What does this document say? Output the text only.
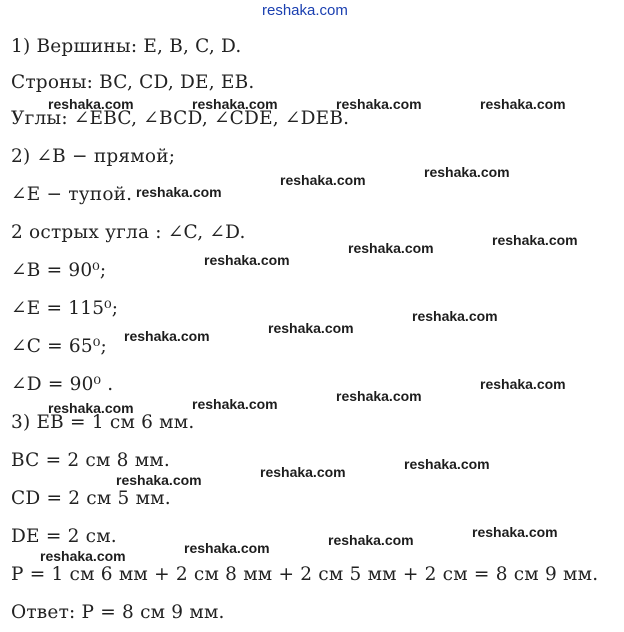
reshaka.com
1) Вершины: E, B, C, D.
Строны: BC, CD, DE, EB.
Углы: ∠EBC, ∠BCD, ∠CDE, ∠DEB.
2) ∠B − прямой;
∠E − тупой.
2 острых угла : ∠C, ∠D.
∠B = 90⁰;
∠E = 115⁰;
∠C = 65⁰;
∠D = 90⁰ .
3) EB = 1 см 6 мм.
BC = 2 см 8 мм.
CD = 2 см 5 мм.
DE = 2 см.
P = 1 см 6 мм + 2 см 8 мм + 2 см 5 мм + 2 см = 8 см 9 мм.
Ответ: P = 8 см 9 мм.
reshaka.com	reshaka.com	reshaka.com	reshaka.com
reshaka.com
reshaka.com	reshaka.com
reshaka.com
reshaka.com	reshaka.com
reshaka.com	reshaka.com
reshaka.com
reshaka.com	reshaka.com	reshaka.com
reshaka.com
reshaka.com	reshaka.com	reshaka.com
reshaka.com	reshaka.com	reshaka.com	reshaka.com
